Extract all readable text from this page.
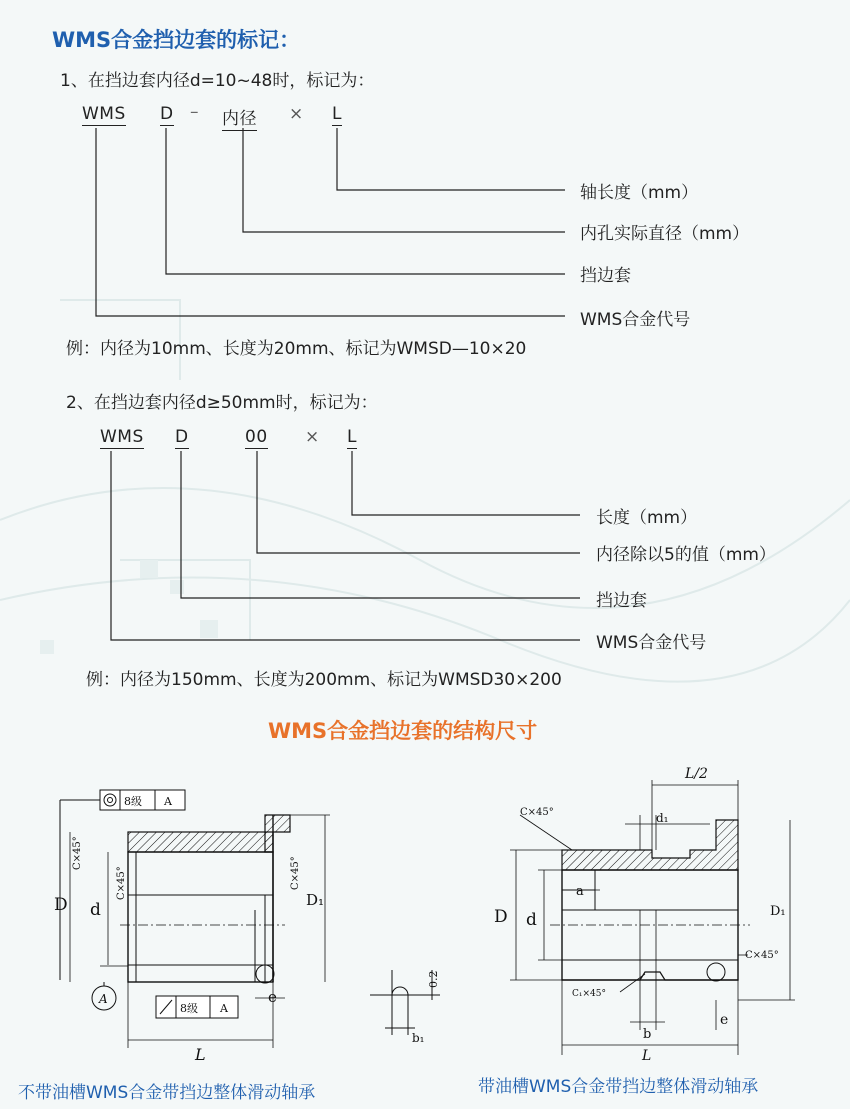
WMS合金挡边套的标记：
1、在挡边套内径d=10~48时，标记为：
WMS D – 内径 × L
轴长度（mm）
内孔实际直径（mm）
挡边套
WMS合金代号
例：内径为10mm、长度为20mm、标记为WMSD—10×20
2、在挡边套内径d≥50mm时，标记为：
WMS D	00 × L
长度（mm）
内径除以5的值（mm）
挡边套
WMS合金代号
例：内径为150mm、长度为200mm、标记为WMSD30×200
WMS合金挡边套的结构尺寸
8级 A
D d	D₁
L
e
C×45°
C×45°	C×45°
A
8级 A
b₁
0.2
L/2
d₁
a
D d	D₁
b
e
L
C×45°
C×45°
C₁×45°
不带油槽WMS合金带挡边整体滑动轴承	带油槽WMS合金带挡边整体滑动轴承
